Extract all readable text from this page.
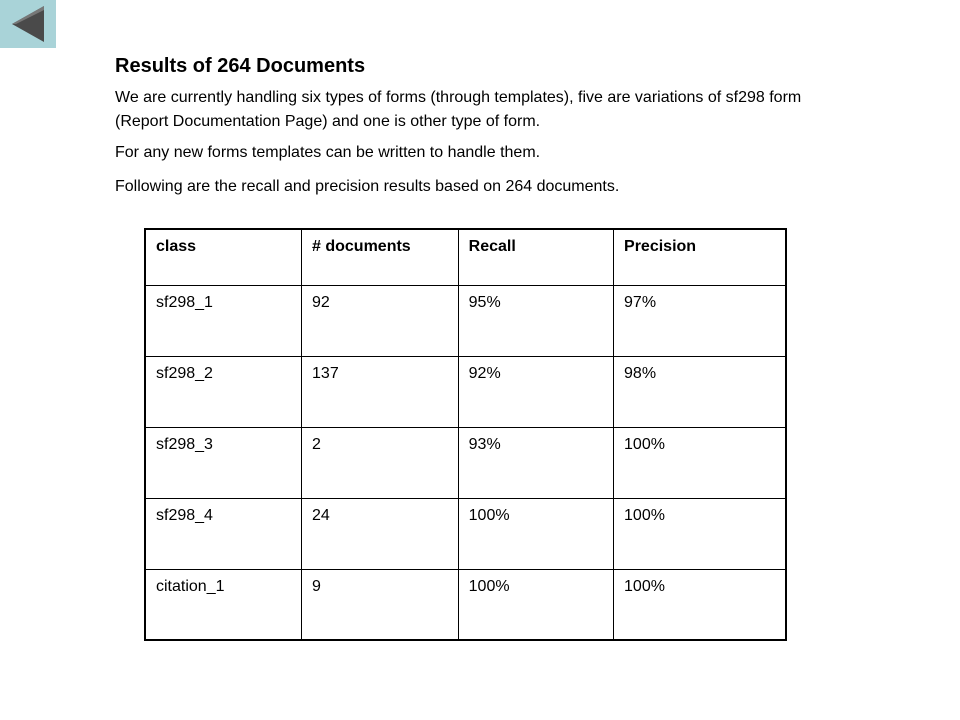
Results of 264 Documents

We are currently handling six types of forms (through templates), five are variations of sf298 form (Report Documentation Page) and one is other type of form.

For any new forms templates can be written to handle them.

Following are the recall and precision results based on 264 documents.

class	# documents	Recall	Precision
sf298_1	92	95%	97%
sf298_2	137	92%	98%
sf298_3	2	93%	100%
sf298_4	24	100%	100%
citation_1	9	100%	100%
